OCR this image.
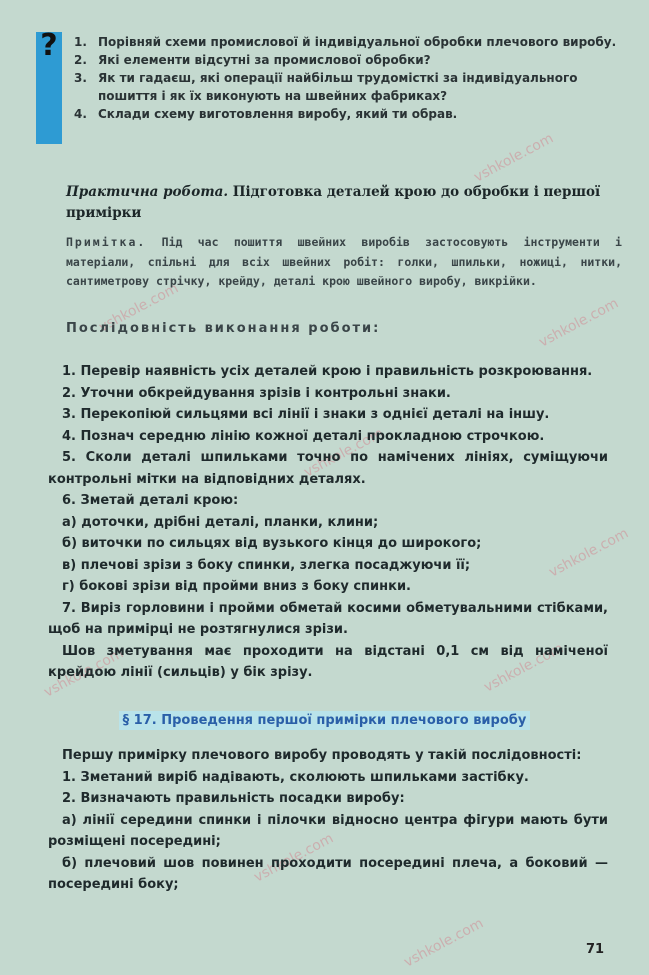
vshkole.com
vshkole.com	vshkole.com
vshkole.com
vshkole.com
vshkole.com	vshkole.com
vshkole.com
vshkole.com
?	1. Порівняй схеми промислової й індивідуальної обробки плечового виробу.
2. Які елементи відсутні за промислової обробки?
3. Як ти гадаєш, які операції найбільш трудомісткі за індивідуального пошиття і як їх виконують на швейних фабриках?
4. Склади схему виготовлення виробу, який ти обрав.
Практична робота. Підготовка деталей крою до обробки і першої примірки
Примітка. Під час пошиття швейних виробів застосовують інструменти і матеріали, спільні для всіх швейних робіт: голки, шпильки, ножиці, нитки, сантиметрову стрічку, крейду, деталі крою швейного виробу, викрійки.
Послідовність виконання роботи:

1. Перевір наявність усіх деталей крою і правильність розкроювання.

2. Уточни обкрейдування зрізів і контрольні знаки.

3. Перекопіюй сильцями всі лінії і знаки з однієї деталі на іншу.

4. Познач середню лінію кожної деталі прокладною строчкою.

5. Сколи деталі шпильками точно по намічених лініях, суміщуючи контрольні мітки на відповідних деталях.

6. Зметай деталі крою:

а) доточки, дрібні деталі, планки, клини;

б) виточки по сильцях від вузького кінця до широкого;

в) плечові зрізи з боку спинки, злегка посаджуючи її;

г) бокові зрізи від пройми вниз з боку спинки.

7. Виріз горловини і пройми обметай косими обметувальними стібками, щоб на примірці не розтягнулися зрізи.

Шов зметування має проходити на відстані 0,1 см від наміченої крейдою лінії (сильців) у бік зрізу.

§ 17. Проведення першої примірки плечового виробу

Першу примірку плечового виробу проводять у такій послідовності:

1. Зметаний виріб надівають, сколюють шпильками застібку.

2. Визначають правильність посадки виробу:

а) лінії середини спинки і пілочки відносно центра фігури мають бути розміщені посередині;

б) плечовий шов повинен проходити посередині плеча, а боковий — посередині боку;

71
